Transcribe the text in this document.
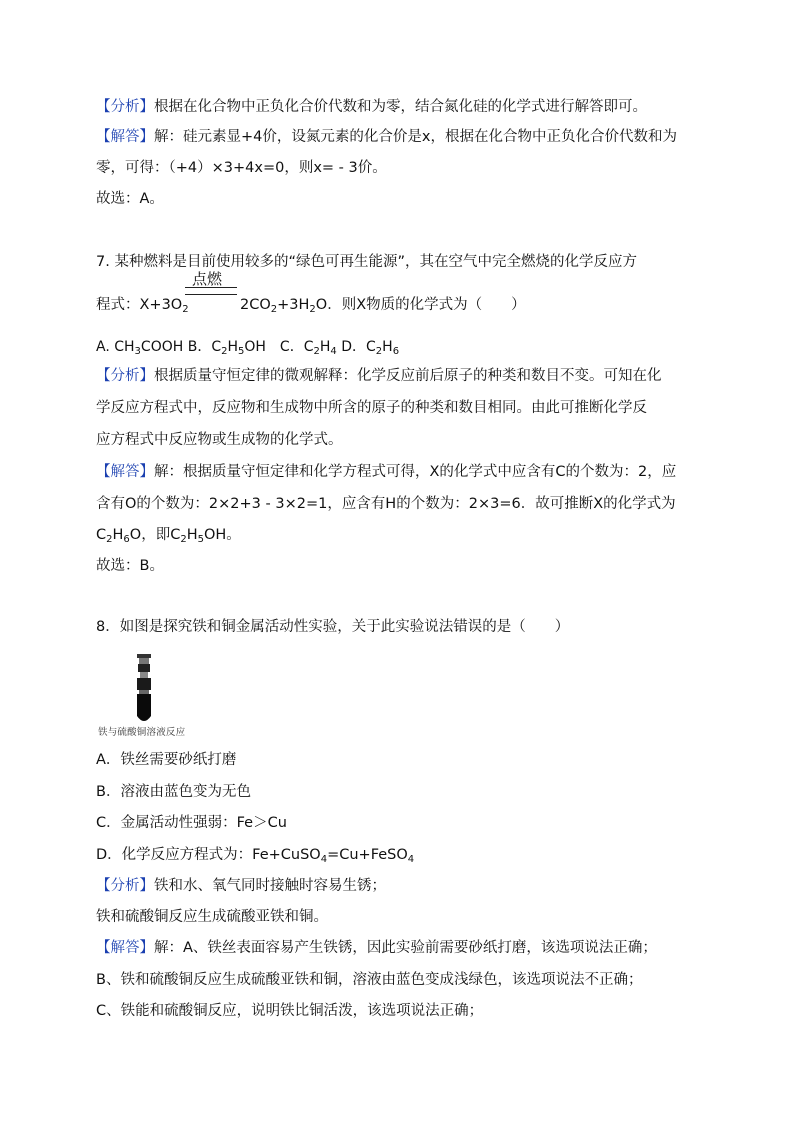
【分析】根据在化合物中正负化合价代数和为零，结合氮化硅的化学式进行解答即可。
【解答】解：硅元素显+4价，设氮元素的化合价是x，根据在化合物中正负化合价代数和为
零，可得：（+4）×3+4x=0，则x= ‑ 3价。
故选：A。
7. 某种燃料是目前使用较多的“绿色可再生能源”，其在空气中完全燃烧的化学反应方
点燃
程式：$X+3O_2$	$2CO_2+3H_2O$．则X物质的化学式为（　　）
A. $CH_3COOH$ B．$C_2H_5OH$　C．$C_2H_4$ D．$C_2H_6$
【分析】根据质量守恒定律的微观解释：化学反应前后原子的种类和数目不变。可知在化
学反应方程式中，反应物和生成物中所含的原子的种类和数目相同。由此可推断化学反
应方程式中反应物或生成物的化学式。
【解答】解：根据质量守恒定律和化学方程式可得，X的化学式中应含有C的个数为：2，应
含有O的个数为：2×2+3 ‑ 3×2=1，应含有H的个数为：2×3=6．故可推断X的化学式为
$C_2H_6O$，即$C_2H_5OH$。
故选：B。
8．如图是探究铁和铜金属活动性实验，关于此实验说法错误的是（　　）
铁与硫酸铜溶液反应
A．铁丝需要砂纸打磨
B．溶液由蓝色变为无色
C．金属活动性强弱：Fe＞Cu
D．化学反应方程式为：Fe+CuSO$_4$=Cu+FeSO$_4$
【分析】铁和水、氧气同时接触时容易生锈；
铁和硫酸铜反应生成硫酸亚铁和铜。
【解答】解：A、铁丝表面容易产生铁锈，因此实验前需要砂纸打磨，该选项说法正确；
B、铁和硫酸铜反应生成硫酸亚铁和铜，溶液由蓝色变成浅绿色，该选项说法不正确；
C、铁能和硫酸铜反应，说明铁比铜活泼，该选项说法正确；
